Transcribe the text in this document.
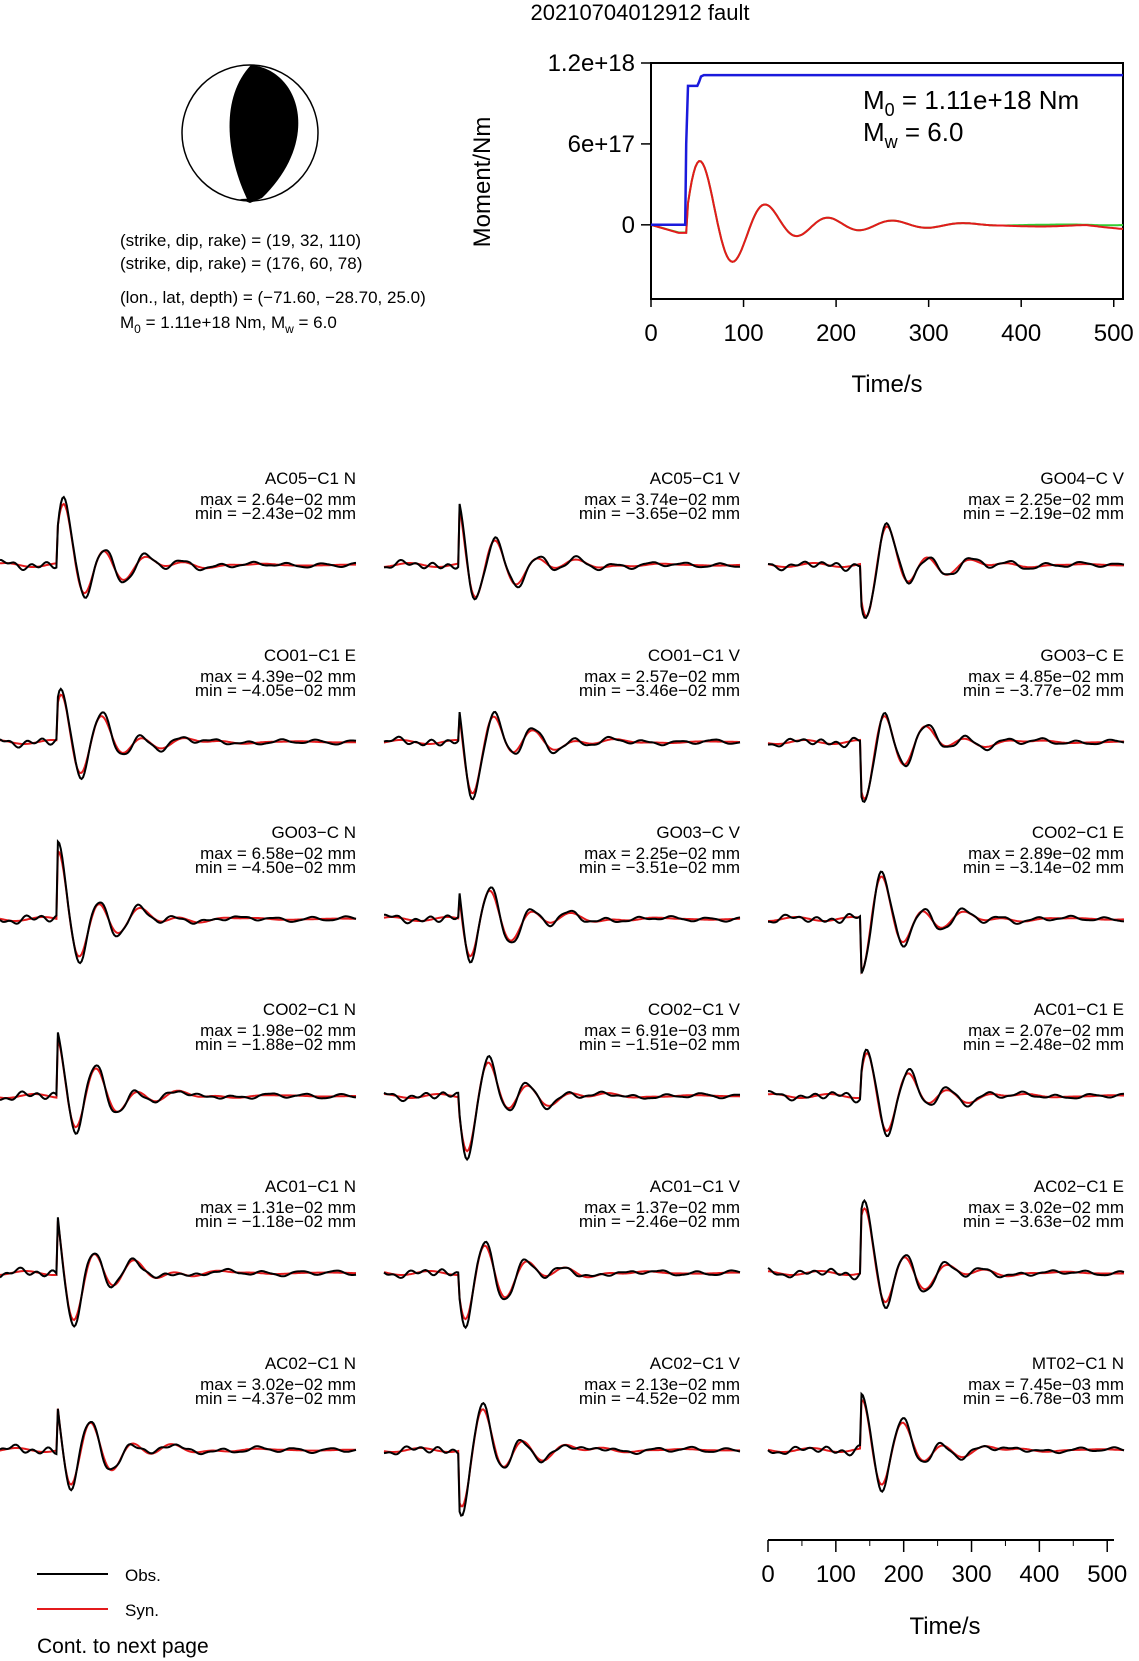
20210704012912 fault
(strike, dip, rake) = (19, 32, 110)
(strike, dip, rake) = (176, 60, 78)
(lon., lat, depth) = (−71.60, −28.70, 25.0)
$M_0 = 1.11e+18$ Nm, $M_w = 6.0$
0
6e+17
1.2e+18
0	100 200 300 400 500
Moment/Nm
Time/s
$M_0 = 1.11e+18$ Nm
$M_w = 6.0$
AC05−C1 N
max = 2.64e−02 mm
min = −2.43e−02 mm
AC05−C1 V
max = 3.74e−02 mm
min = −3.65e−02 mm
GO04−C V
max = 2.25e−02 mm
min = −2.19e−02 mm
CO01−C1 E
max = 4.39e−02 mm
min = −4.05e−02 mm
CO01−C1 V
max = 2.57e−02 mm
min = −3.46e−02 mm
GO03−C E
max = 4.85e−02 mm
min = −3.77e−02 mm
GO03−C N
max = 6.58e−02 mm
min = −4.50e−02 mm
GO03−C V
max = 2.25e−02 mm
min = −3.51e−02 mm
CO02−C1 E
max = 2.89e−02 mm
min = −3.14e−02 mm
CO02−C1 N
max = 1.98e−02 mm
min = −1.88e−02 mm
CO02−C1 V
max = 6.91e−03 mm
min = −1.51e−02 mm
AC01−C1 E
max = 2.07e−02 mm
min = −2.48e−02 mm
AC01−C1 N
max = 1.31e−02 mm
min = −1.18e−02 mm
AC01−C1 V
max = 1.37e−02 mm
min = −2.46e−02 mm
AC02−C1 E
max = 3.02e−02 mm
min = −3.63e−02 mm
AC02−C1 N
max = 3.02e−02 mm
min = −4.37e−02 mm
AC02−C1 V
max = 2.13e−02 mm
min = −4.52e−02 mm
MT02−C1 N
max = 7.45e−03 mm
min = −6.78e−03 mm
0 100 200 300 400 500
Time/s
Obs.
Syn.
Cont. to next page
